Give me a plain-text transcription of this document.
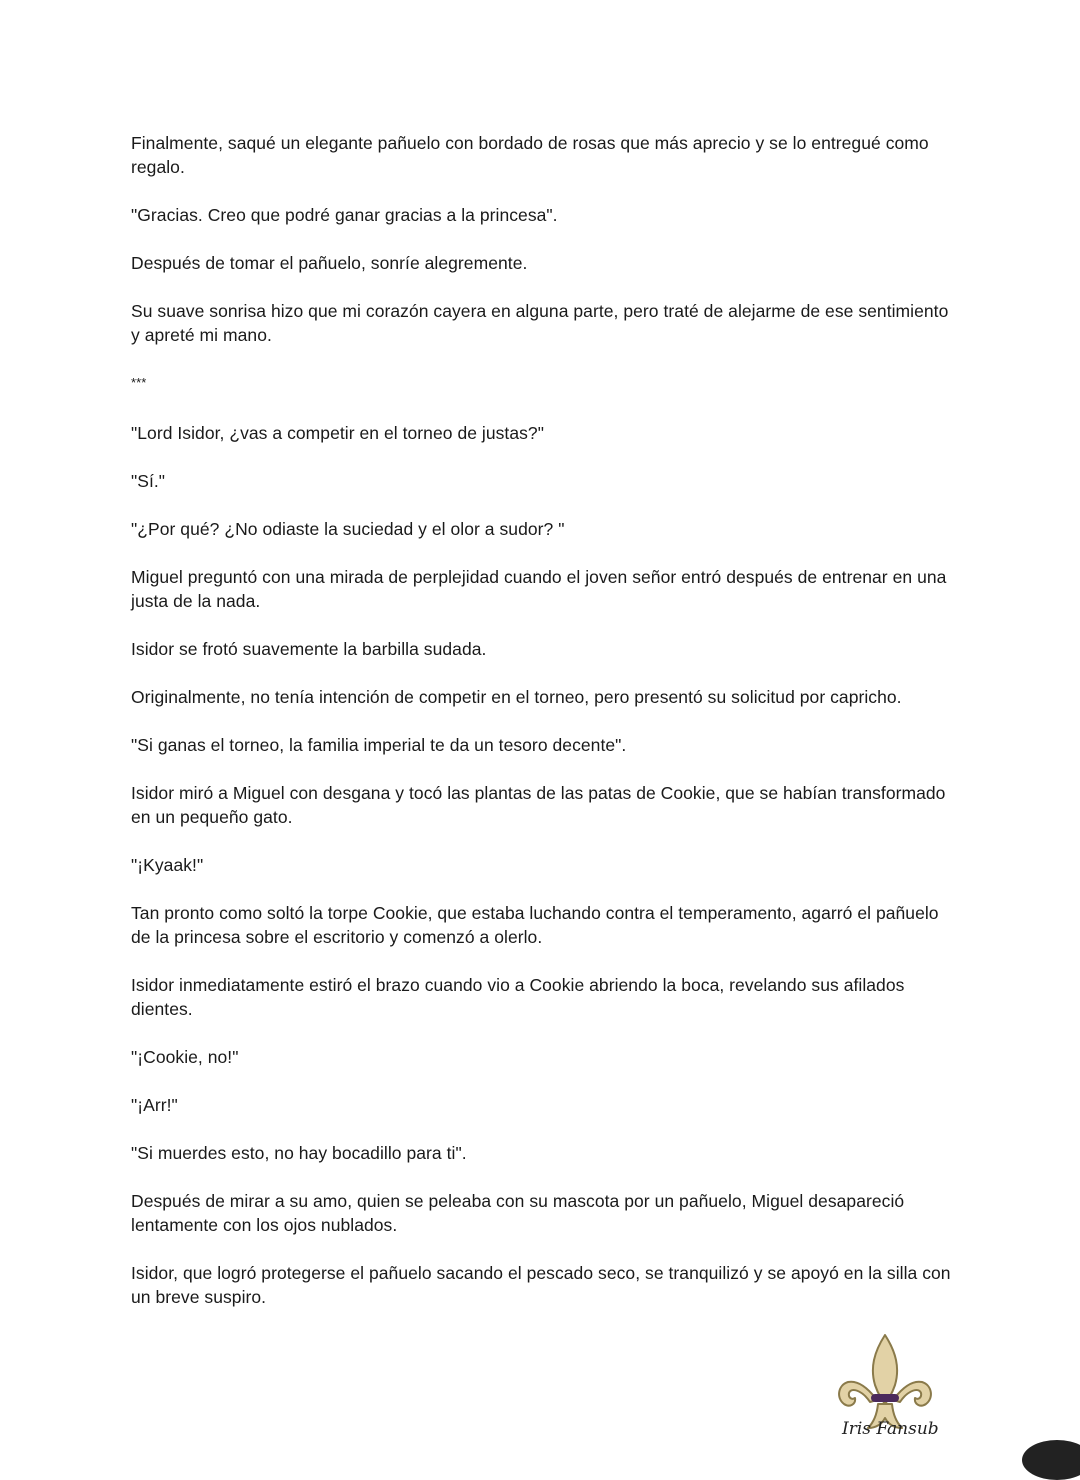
Finalmente, saqué un elegante pañuelo con bordado de rosas que más aprecio y se lo entregué como regalo.

"Gracias. Creo que podré ganar gracias a la princesa".

Después de tomar el pañuelo, sonríe alegremente.

Su suave sonrisa hizo que mi corazón cayera en alguna parte, pero traté de alejarme de ese sentimiento y apreté mi mano.

***

"Lord Isidor, ¿vas a competir en el torneo de justas?"

"Sí."

"¿Por qué? ¿No odiaste la suciedad y el olor a sudor? "

Miguel preguntó con una mirada de perplejidad cuando el joven señor entró después de entrenar en una justa de la nada.

Isidor se frotó suavemente la barbilla sudada.

Originalmente, no tenía intención de competir en el torneo, pero presentó su solicitud por capricho.

"Si ganas el torneo, la familia imperial te da un tesoro decente".

Isidor miró a Miguel con desgana y tocó las plantas de las patas de Cookie, que se habían transformado en un pequeño gato.

"¡Kyaak!"

Tan pronto como soltó la torpe Cookie, que estaba luchando contra el temperamento, agarró el pañuelo de la princesa sobre el escritorio y comenzó a olerlo.

Isidor inmediatamente estiró el brazo cuando vio a Cookie abriendo la boca, revelando sus afilados dientes.

"¡Cookie, no!"

"¡Arr!"

"Si muerdes esto, no hay bocadillo para ti".

Después de mirar a su amo, quien se peleaba con su mascota por un pañuelo, Miguel desapareció lentamente con los ojos nublados.

Isidor, que logró protegerse el pañuelo sacando el pescado seco, se tranquilizó y se apoyó en la silla con un breve suspiro.

Iris Fansub
